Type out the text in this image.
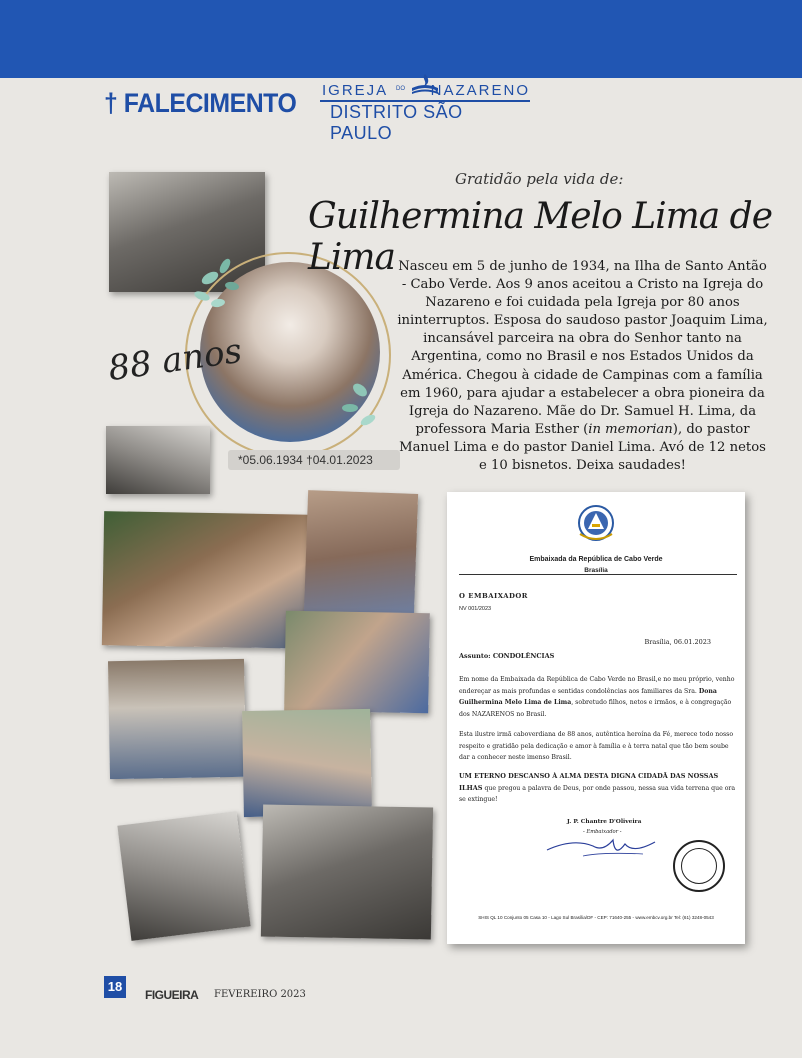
† FALECIMENTO IGREJA DO NAZARENO
DISTRITO SÃO PAULO
88 anos
*05.06.1934 †04.01.2023
Gratidão pela vida de:
Guilhermina Melo Lima de Lima Nasceu em 5 de junho de 1934, na Ilha de Santo Antão - Cabo Verde. Aos 9 anos aceitou a Cristo na Igreja do Nazareno e foi cuidada pela Igreja por 80 anos ininterruptos. Esposa do saudoso pastor Joaquim Lima, incansável parceira na obra do Senhor tanto na Argentina, como no Brasil e nos Estados Unidos da América. Chegou à cidade de Campinas com a família em 1960, para ajudar a estabelecer a obra pioneira da Igreja do Nazareno. Mãe do Dr. Samuel H. Lima, da professora Maria Esther (in memorian), do pastor Manuel Lima e do pastor Daniel Lima. Avó de 12 netos e 10 bisnetos. Deixa saudades!
Embaixada da República de Cabo Verde
Brasília
O EMBAIXADOR
NV 001/2023
Brasília, 06.01.2023
Assunto: CONDOLÊNCIAS
Em nome da Embaixada da República de Cabo Verde no Brasil,e no meu próprio, venho endereçar as mais profundas e sentidas condolências aos familiares da Sra. Dona Guilhermina Melo Lima de Lima, sobretudo filhos, netos e irmãos, e à congregação dos NAZARENOS no Brasil.
Esta ilustre irmã caboverdiana de 88 anos, autêntica heroína da Fé, merece todo nosso respeito e gratidão pela dedicação e amor à família e à terra natal que tão bem soube dar a conhecer neste imenso Brasil.
UM ETERNO DESCANSO À ALMA DESTA DIGNA CIDADÃ DAS NOSSAS ILHAS que pregou a palavra de Deus, por onde passou, nessa sua vida terrena que ora se extingue!
J. P. Chantre D'Oliveira
- Embaixador -
SHIS QL 10 Conjunto 05 Casa 10 - Lago Sul Brasília/DF - CEP: 71640-255 - www.embcv.org.br Tel: (61) 3248-0543
18
FIGUEIRA FEVEREIRO 2023
